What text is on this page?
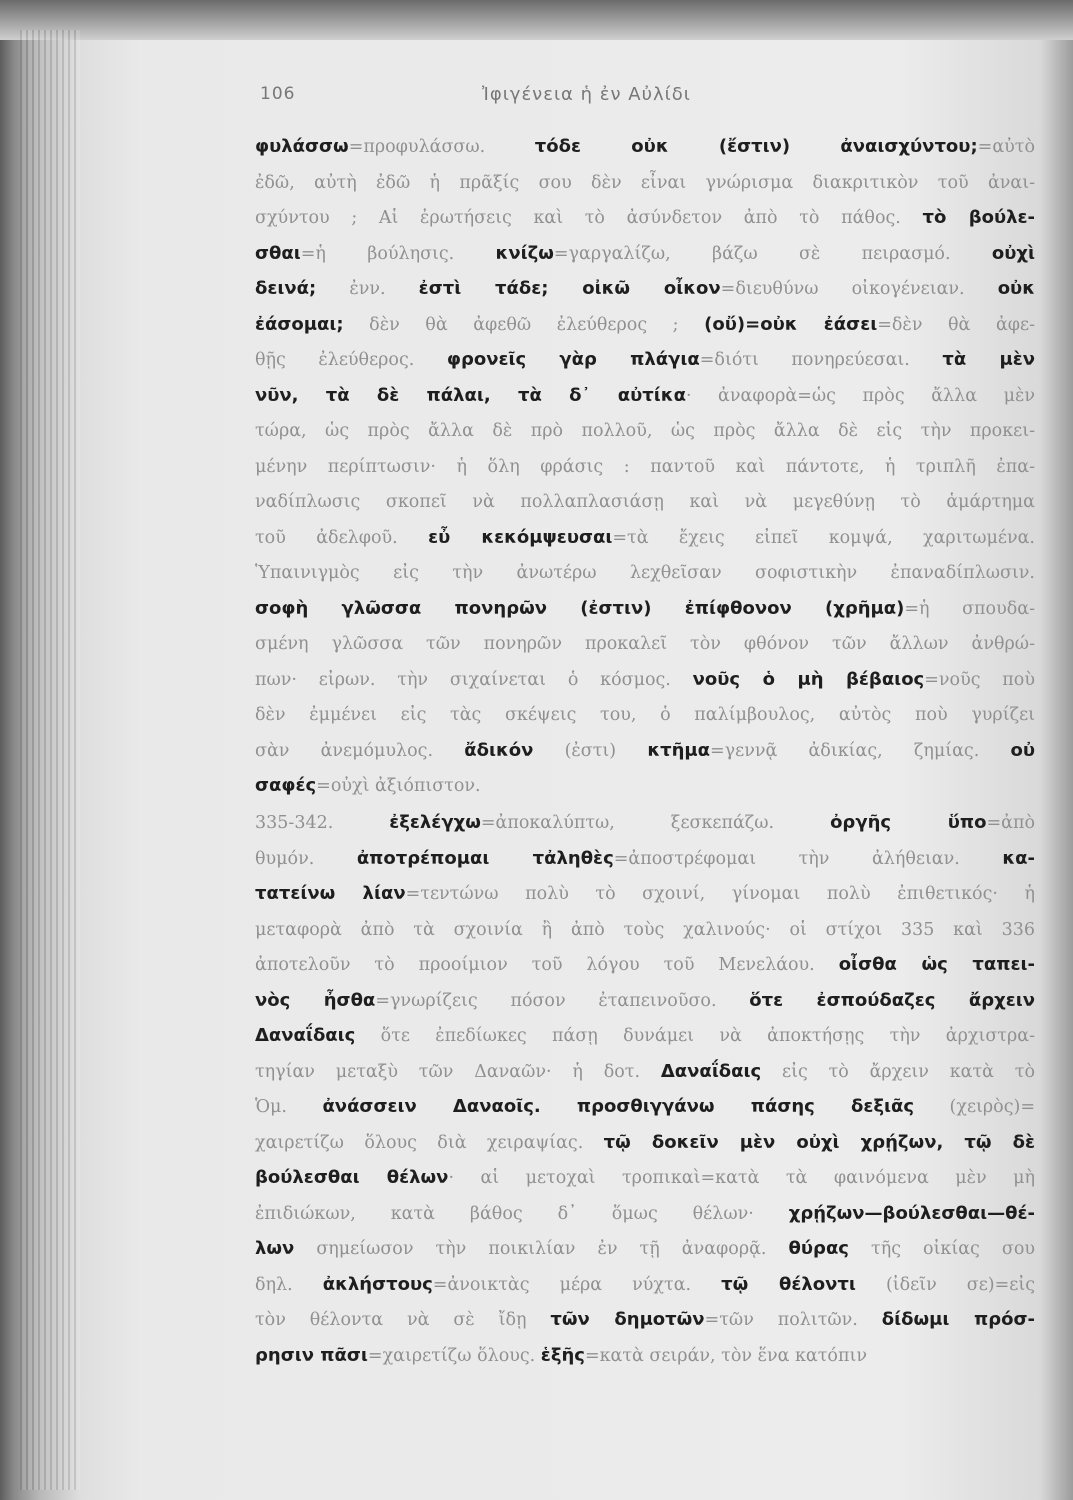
106	Ἰφιγένεια ἡ ἐν Αὐλίδι
φυλάσσω=προφυλάσσω. τόδε οὐκ (ἔστιν) ἀναισχύντου;=αὐτὸ
ἐδῶ, αὐτὴ ἐδῶ ἡ πρᾶξίς σου δὲν εἶναι γνώρισμα διακριτικὸν τοῦ ἀναι-
σχύντου ; Αἱ ἐρωτήσεις καὶ τὸ ἀσύνδετον ἀπὸ τὸ πάθος. τὸ βούλε-
σθαι=ἡ βούλησις. κνίζω=γαργαλίζω, βάζω σὲ πειρασμό. οὐχὶ
δεινά; ἐνν. ἐστὶ τάδε; οἰκῶ οἶκον=διευθύνω οἰκογένειαν. οὐκ
ἐάσομαι; δὲν θὰ ἀφεθῶ ἐλεύθερος ; (οὔ)=οὐκ ἐάσει=δὲν θὰ ἀφε-
θῇς ἐλεύθερος. φρονεῖς γὰρ πλάγια=διότι πονηρεύεσαι. τὰ μὲν
νῦν, τὰ δὲ πάλαι, τὰ δ᾽ αὐτίκα· ἀναφορὰ=ὡς πρὸς ἄλλα μὲν
τώρα, ὡς πρὸς ἄλλα δὲ πρὸ πολλοῦ, ὡς πρὸς ἄλλα δὲ εἰς τὴν προκει-
μένην περίπτωσιν· ἡ ὅλη φράσις : παντοῦ καὶ πάντοτε, ἡ τριπλῆ ἐπα-
ναδίπλωσις σκοπεῖ νὰ πολλαπλασιάσῃ καὶ νὰ μεγεθύνῃ τὸ ἁμάρτημα
τοῦ ἀδελφοῦ. εὖ κεκόμψευσαι=τὰ ἔχεις εἰπεῖ κομψά, χαριτωμένα.
Ὑπαινιγμὸς εἰς τὴν ἀνωτέρω λεχθεῖσαν σοφιστικὴν ἐπαναδίπλωσιν.
σοφὴ γλῶσσα πονηρῶν (ἐστιν) ἐπίφθονον (χρῆμα)=ἡ σπουδα-
σμένη γλῶσσα τῶν πονηρῶν προκαλεῖ τὸν φθόνον τῶν ἄλλων ἀνθρώ-
πων· εἰρων. τὴν σιχαίνεται ὁ κόσμος. νοῦς ὁ μὴ βέβαιος=νοῦς ποὺ
δὲν ἐμμένει εἰς τὰς σκέψεις του, ὁ παλίμβουλος, αὐτὸς ποὺ γυρίζει
σὰν ἀνεμόμυλος. ἄδικόν (ἐστι) κτῆμα=γεννᾷ ἀδικίας, ζημίας. οὐ
σαφές=οὐχὶ ἀξιόπιστον.
335-342. ἐξελέγχω=ἀποκαλύπτω, ξεσκεπάζω. ὀργῆς ὕπο=ἀπὸ
θυμόν. ἀποτρέπομαι τἀληθὲς=ἀποστρέφομαι τὴν ἀλήθειαν. κα-
τατείνω λίαν=τεντώνω πολὺ τὸ σχοινί, γίνομαι πολὺ ἐπιθετικός· ἡ
μεταφορὰ ἀπὸ τὰ σχοινία ἢ ἀπὸ τοὺς χαλινούς· οἱ στίχοι 335 καὶ 336
ἀποτελοῦν τὸ προοίμιον τοῦ λόγου τοῦ Μενελάου. οἶσθα ὡς ταπει-
νὸς ἦσθα=γνωρίζεις πόσον ἐταπεινοῦσο. ὅτε ἐσπούδαζες ἄρχειν
Δαναΐδαις ὅτε ἐπεδίωκες πάσῃ δυνάμει νὰ ἀποκτήσῃς τὴν ἀρχιστρα-
τηγίαν μεταξὺ τῶν Δαναῶν· ἡ δοτ. Δαναΐδαις εἰς τὸ ἄρχειν κατὰ τὸ
Ὁμ. ἀνάσσειν Δαναοῖς. προσθιγγάνω πάσης δεξιᾶς (χειρὸς)=
χαιρετίζω ὅλους διὰ χειραψίας. τῷ δοκεῖν μὲν οὐχὶ χρῄζων, τῷ δὲ
βούλεσθαι θέλων· αἱ μετοχαὶ τροπικαὶ=κατὰ τὰ φαινόμενα μὲν μὴ
ἐπιδιώκων, κατὰ βάθος δ᾽ ὅμως θέλων· χρῄζων—βούλεσθαι—θέ-
λων σημείωσον τὴν ποικιλίαν ἐν τῇ ἀναφορᾷ. θύρας τῆς οἰκίας σου
δηλ. ἀκλήστους=ἀνοικτὰς μέρα νύχτα. τῷ θέλοντι (ἰδεῖν σε)=εἰς
τὸν θέλοντα νὰ σὲ ἴδῃ τῶν δημοτῶν=τῶν πολιτῶν. δίδωμι πρόσ-
ρησιν πᾶσι=χαιρετίζω ὅλους. ἑξῆς=κατὰ σειράν, τὸν ἕνα κατόπιν
